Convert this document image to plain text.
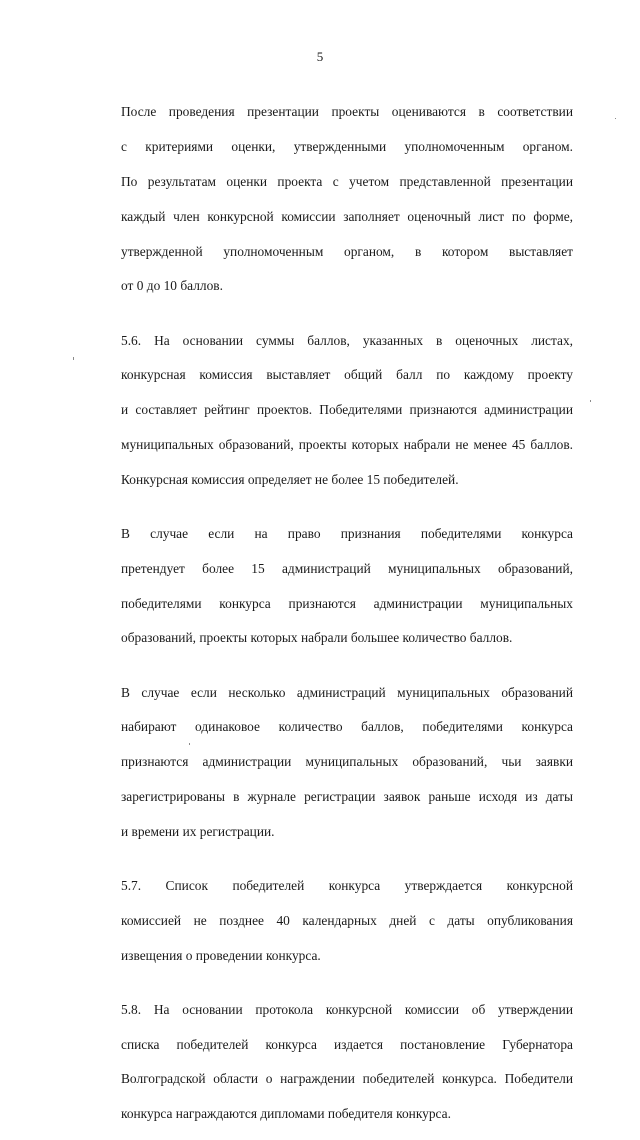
5

После проведения презентации проекты оцениваются в соответствии

с критериями оценки, утвержденными уполномоченным органом.

По результатам оценки проекта с учетом представленной презентации

каждый член конкурсной комиссии заполняет оценочный лист по форме,

утвержденной уполномоченным органом, в котором выставляет

от 0 до 10 баллов.

5.6. На основании суммы баллов, указанных в оценочных листах,

конкурсная комиссия выставляет общий балл по каждому проекту

и составляет рейтинг проектов. Победителями признаются администрации

муниципальных образований, проекты которых набрали не менее 45 баллов.

Конкурсная комиссия определяет не более 15 победителей.

В случае если на право признания победителями конкурса

претендует более 15 администраций муниципальных образований,

победителями конкурса признаются администрации муниципальных

образований, проекты которых набрали большее количество баллов.

В случае если несколько администраций муниципальных образований

набирают одинаковое количество баллов, победителями конкурса

признаются администрации муниципальных образований, чьи заявки

зарегистрированы в журнале регистрации заявок раньше исходя из даты

и времени их регистрации.

5.7. Список победителей конкурса утверждается конкурсной

комиссией не позднее 40 календарных дней с даты опубликования

извещения о проведении конкурса.

5.8. На основании протокола конкурсной комиссии об утверждении

списка победителей конкурса издается постановление Губернатора

Волгоградской области о награждении победителей конкурса. Победители

конкурса награждаются дипломами победителя конкурса.
